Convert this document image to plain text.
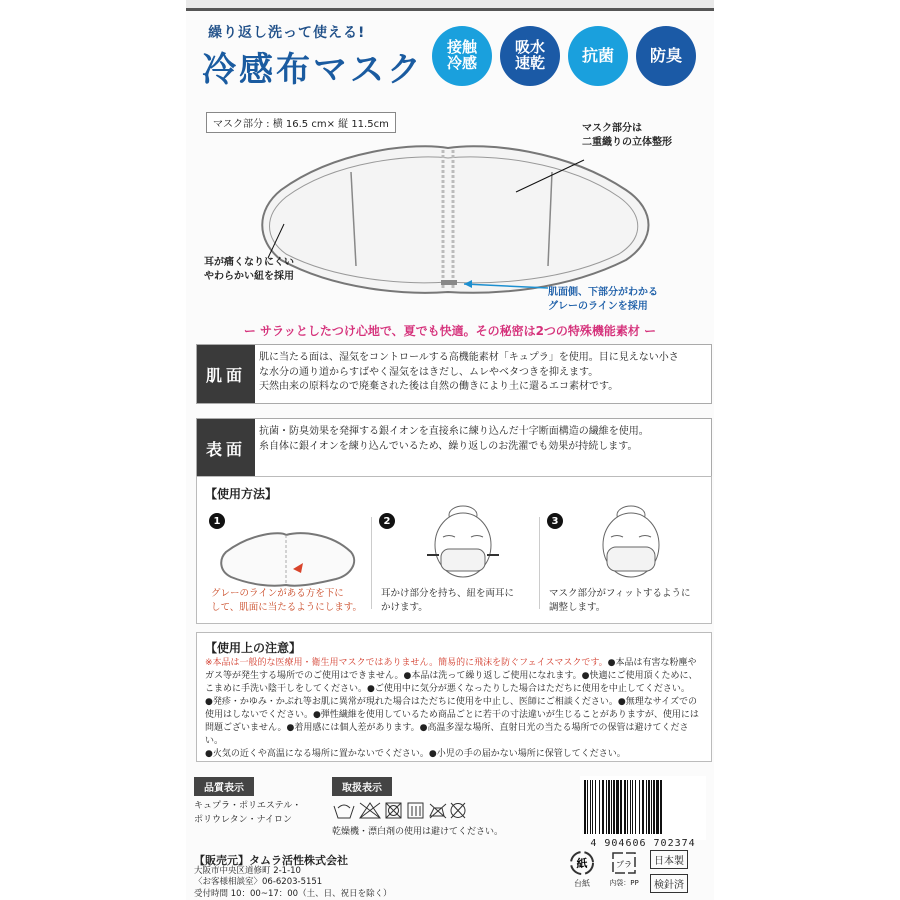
繰り返し洗って使える!
冷感布マスク
接触
冷感
吸水
速乾 抗菌 防臭
マスク部分 : 横 16.5 cm× 縦 11.5cm	マスク部分は
二重織りの立体整形
耳が痛くなりにくい
やわらかい紐を採用
肌面側、下部分がわかる
グレーのラインを採用
ー サラッとしたつけ心地で、夏でも快適。その秘密は2つの特殊機能素材 ー
肌面
肌に当たる面は、湿気をコントロールする高機能素材「キュプラ」を使用。目に見えない小さ
な水分の通り道からすばやく湿気をはきだし、ムレやベタつきを抑えます。
天然由来の原料なので廃棄された後は自然の働きにより土に還るエコ素材です。
表面
抗菌・防臭効果を発揮する銀イオンを直接糸に練り込んだ十字断面構造の繊維を使用。
糸自体に銀イオンを練り込んでいるため、繰り返しのお洗濯でも効果が持続します。
【使用方法】
1
グレーのラインがある方を下に
して、肌面に当たるようにします。
2
耳かけ部分を持ち、紐を両耳に
かけます。
3
マスク部分がフィットするように
調整します。
【使用上の注意】
※本品は一般的な医療用・衛生用マスクではありません。簡易的に飛沫を防ぐフェイスマスクです。●本品は有害な粉塵や
ガス等が発生する場所でのご使用はできません。●本品は洗って繰り返しご使用になれます。●快適にご使用頂くために、
こまめに手洗い陰干しをしてください。●ご使用中に気分が悪くなったりした場合はただちに使用を中止してください。
●発疹・かゆみ・かぶれ等お肌に異常が現れた場合はただちに使用を中止し、医師にご相談ください。●無理なサイズでの
使用はしないでください。●弾性繊維を使用しているため商品ごとに若干の寸法違いが生じることがありますが、使用には
問題ございません。●着用感には個人差があります。●高温多湿な場所、直射日光の当たる場所での保管は避けてください。
●火気の近くや高温になる場所に置かないでください。●小児の手の届かない場所に保管してください。
品質表示
キュプラ・ポリエステル・
ポリウレタン・ナイロン
取扱表示
乾燥機・漂白剤の使用は避けてください。
4 904606 702374
【販売元】タムラ活性株式会社
大阪市中央区道修町 2-1-10
〈お客様相談室〉06-6203-5151
受付時間 10：00~17：00（土、日、祝日を除く）
紙
台紙
プラ
内袋：PP
日本製
検針済
